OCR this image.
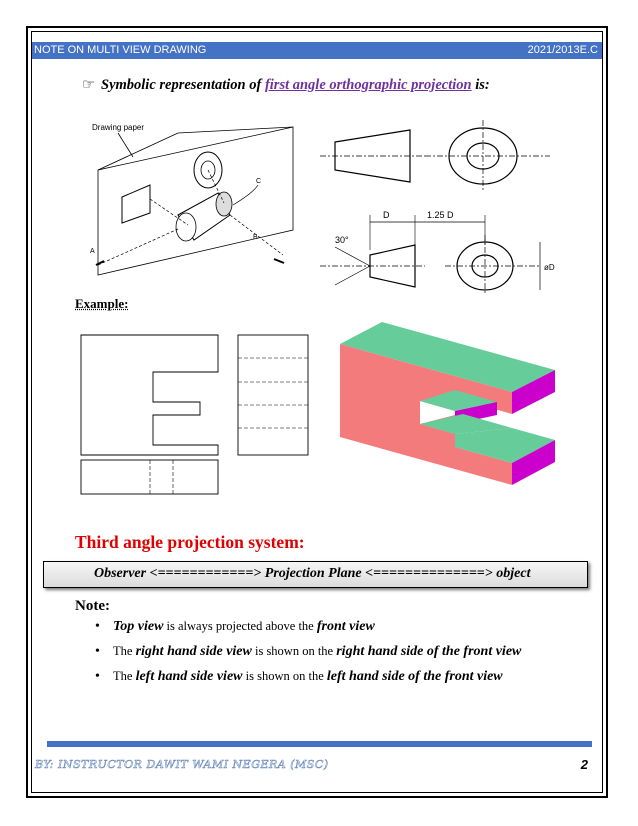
NOTE ON MULTI VIEW DRAWING	2021/2013E.C
☞ Symbolic representation of first angle orthographic projection is:
Drawing paper
A
B
C
D	1.25 D
30°
øD
Example:
Third angle projection system:
Observer <============> Projection Plane <==============> object
Note:
• Top view is always projected above the front view
• The right hand side view is shown on the right hand side of the front view
• The left hand side view is shown on the left hand side of the front view
BY: INSTRUCTOR DAWIT WAMI NEGERA (MSC)	2
